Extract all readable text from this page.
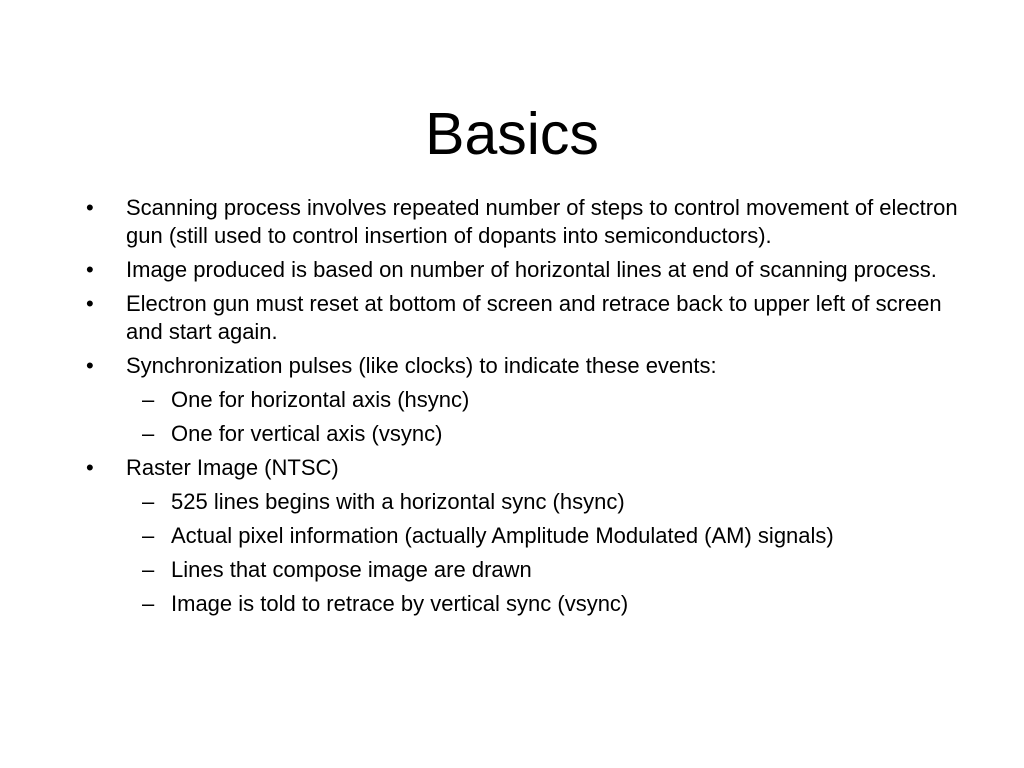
Basics
• Scanning process involves repeated number of steps to control movement of electron gun (still used to control insertion of dopants into semiconductors).
• Image produced is based on number of horizontal lines at end of scanning process.
• Electron gun must reset at bottom of screen and retrace back to upper left of screen and start again.
• Synchronization pulses (like clocks) to indicate these events:
– One for horizontal axis (hsync)
– One for vertical axis (vsync)
• Raster Image (NTSC)
– 525 lines begins with a horizontal sync (hsync)
– Actual pixel information (actually Amplitude Modulated (AM) signals)
– Lines that compose image are drawn
– Image is told to retrace by vertical sync (vsync)
